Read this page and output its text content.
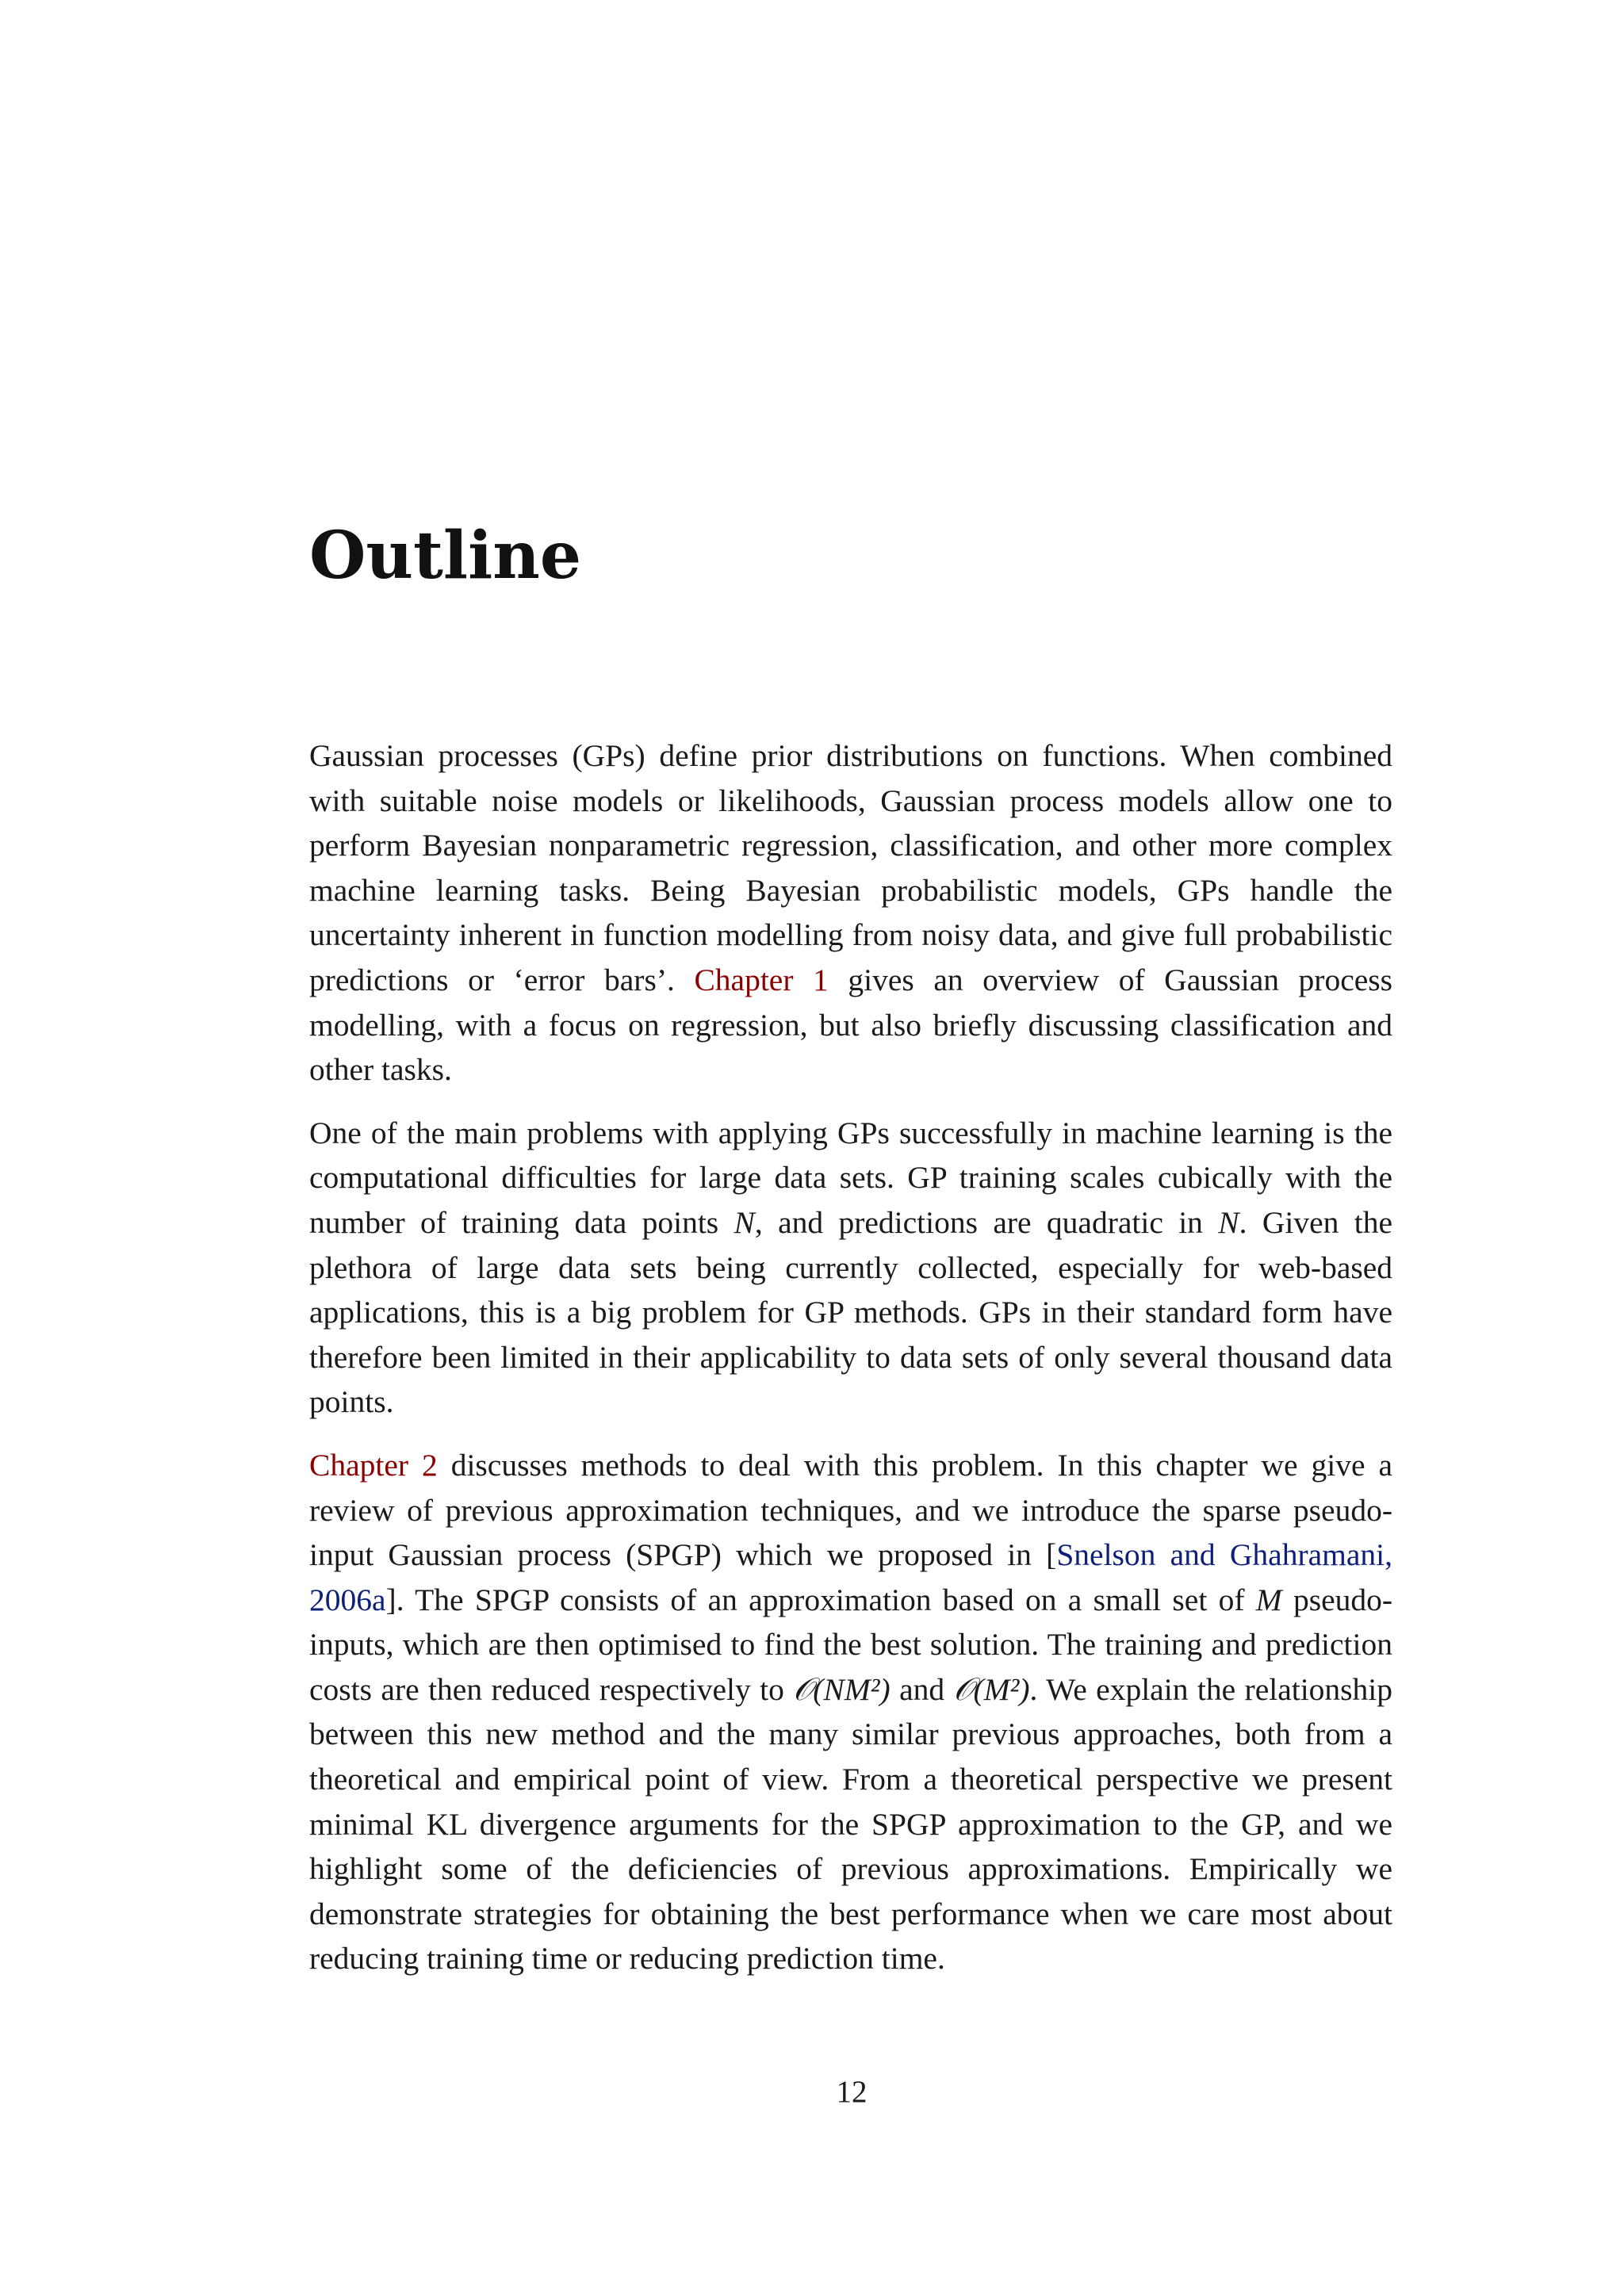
Outline

Gaussian processes (GPs) define prior distributions on functions. When combined with suitable noise models or likelihoods, Gaussian process models allow one to perform Bayesian nonparametric regression, classification, and other more complex machine learning tasks. Being Bayesian probabilistic models, GPs handle the uncertainty inherent in function modelling from noisy data, and give full probabilistic predictions or ‘error bars’. Chapter 1 gives an overview of Gaussian process modelling, with a focus on regression, but also briefly discussing classification and other tasks.

One of the main problems with applying GPs successfully in machine learning is the computational difficulties for large data sets. GP training scales cubically with the number of training data points N, and predictions are quadratic in N. Given the plethora of large data sets being currently collected, especially for web-based applications, this is a big problem for GP methods. GPs in their standard form have therefore been limited in their applicability to data sets of only several thousand data points.

Chapter 2 discusses methods to deal with this problem. In this chapter we give a review of previous approximation techniques, and we introduce the sparse pseudoinput Gaussian process (SPGP) which we proposed in [Snelson and Ghahramani, 2006a]. The SPGP consists of an approximation based on a small set of M pseudoinputs, which are then optimised to find the best solution. The training and prediction costs are then reduced respectively to 𝒪(NM²) and 𝒪(M²). We explain the relationship between this new method and the many similar previous approaches, both from a theoretical and empirical point of view. From a theoretical perspective we present minimal KL divergence arguments for the SPGP approximation to the GP, and we highlight some of the deficiencies of previous approximations. Empirically we demonstrate strategies for obtaining the best performance when we care most about reducing training time or reducing prediction time.

12
